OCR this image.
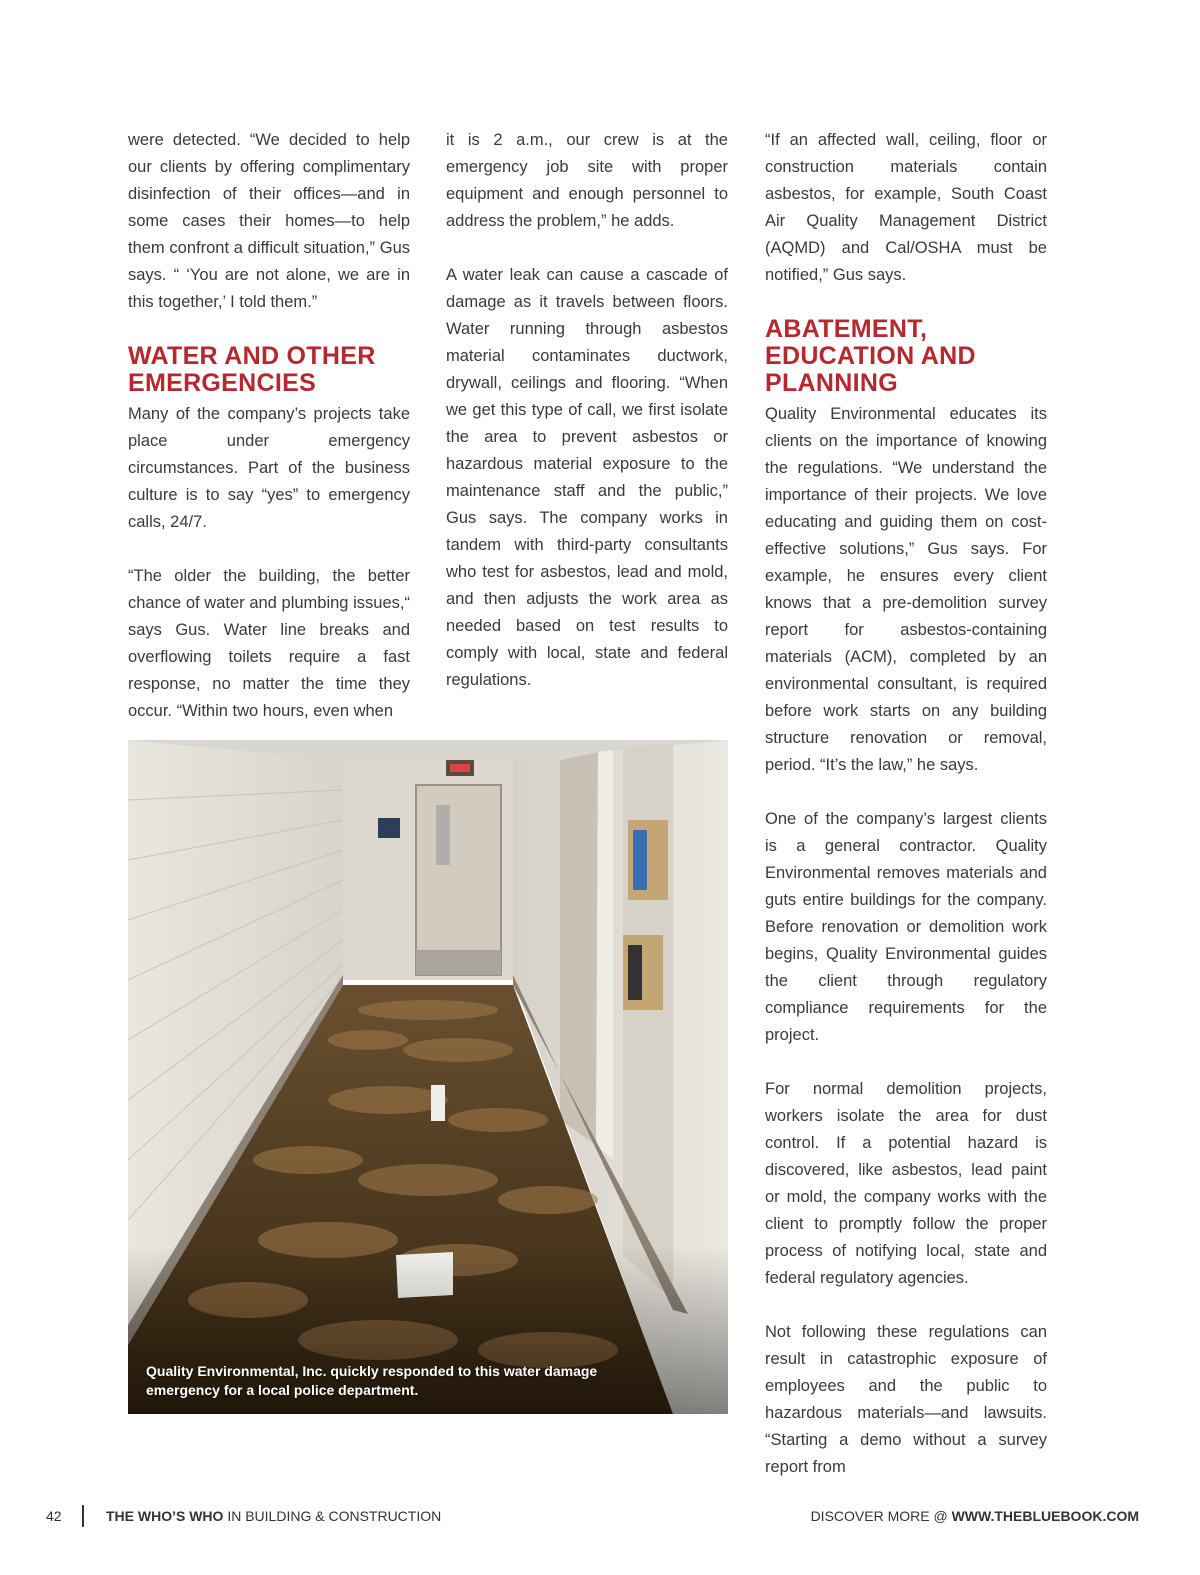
were detected. “We decided to help our clients by offering complimentary disinfection of their offices—and in some cases their homes—to help them confront a difficult situation,” Gus says. “ ‘You are not alone, we are in this together,’ I told them.”

WATER AND OTHER EMERGENCIES

Many of the company’s projects take place under emergency circumstances. Part of the business culture is to say “yes” to emergency calls, 24/7.

“The older the building, the better chance of water and plumbing issues,“ says Gus. Water line breaks and overflowing toilets require a fast response, no matter the time they occur. “Within two hours, even when

it is 2 a.m., our crew is at the emergency job site with proper equipment and enough personnel to address the problem,” he adds.

A water leak can cause a cascade of damage as it travels between floors. Water running through asbestos material contaminates ductwork, drywall, ceilings and flooring. “When we get this type of call, we first isolate the area to prevent asbestos or hazardous material exposure to the maintenance staff and the public,” Gus says. The company works in tandem with third-party consultants who test for asbestos, lead and mold, and then adjusts the work area as needed based on test results to comply with local, state and federal regulations.

“If an affected wall, ceiling, floor or construction materials contain asbestos, for example, South Coast Air Quality Management District (AQMD) and Cal/OSHA must be notified,” Gus says.

ABATEMENT, EDUCATION AND PLANNING

Quality Environmental educates its clients on the importance of knowing the regulations. “We understand the importance of their projects. We love educating and guiding them on cost-effective solutions,” Gus says. For example, he ensures every client knows that a pre-demolition survey report for asbestos-containing materials (ACM), completed by an environmental consultant, is required before work starts on any building structure renovation or removal, period. “It’s the law,” he says.

One of the company’s largest clients is a general contractor. Quality Environmental removes materials and guts entire buildings for the company. Before renovation or demolition work begins, Quality Environmental guides the client through regulatory compliance requirements for the project.

For normal demolition projects, workers isolate the area for dust control. If a potential hazard is discovered, like asbestos, lead paint or mold, the company works with the client to promptly follow the proper process of notifying local, state and federal regulatory agencies.

Not following these regulations can result in catastrophic exposure of employees and the public to hazardous materials—and lawsuits. “Starting a demo without a survey report from

Quality Environmental, Inc. quickly responded to this water damage emergency for a local police department.
42	THE WHO’S WHO IN BUILDING & CONSTRUCTION	DISCOVER MORE @ WWW.THEBLUEBOOK.COM
